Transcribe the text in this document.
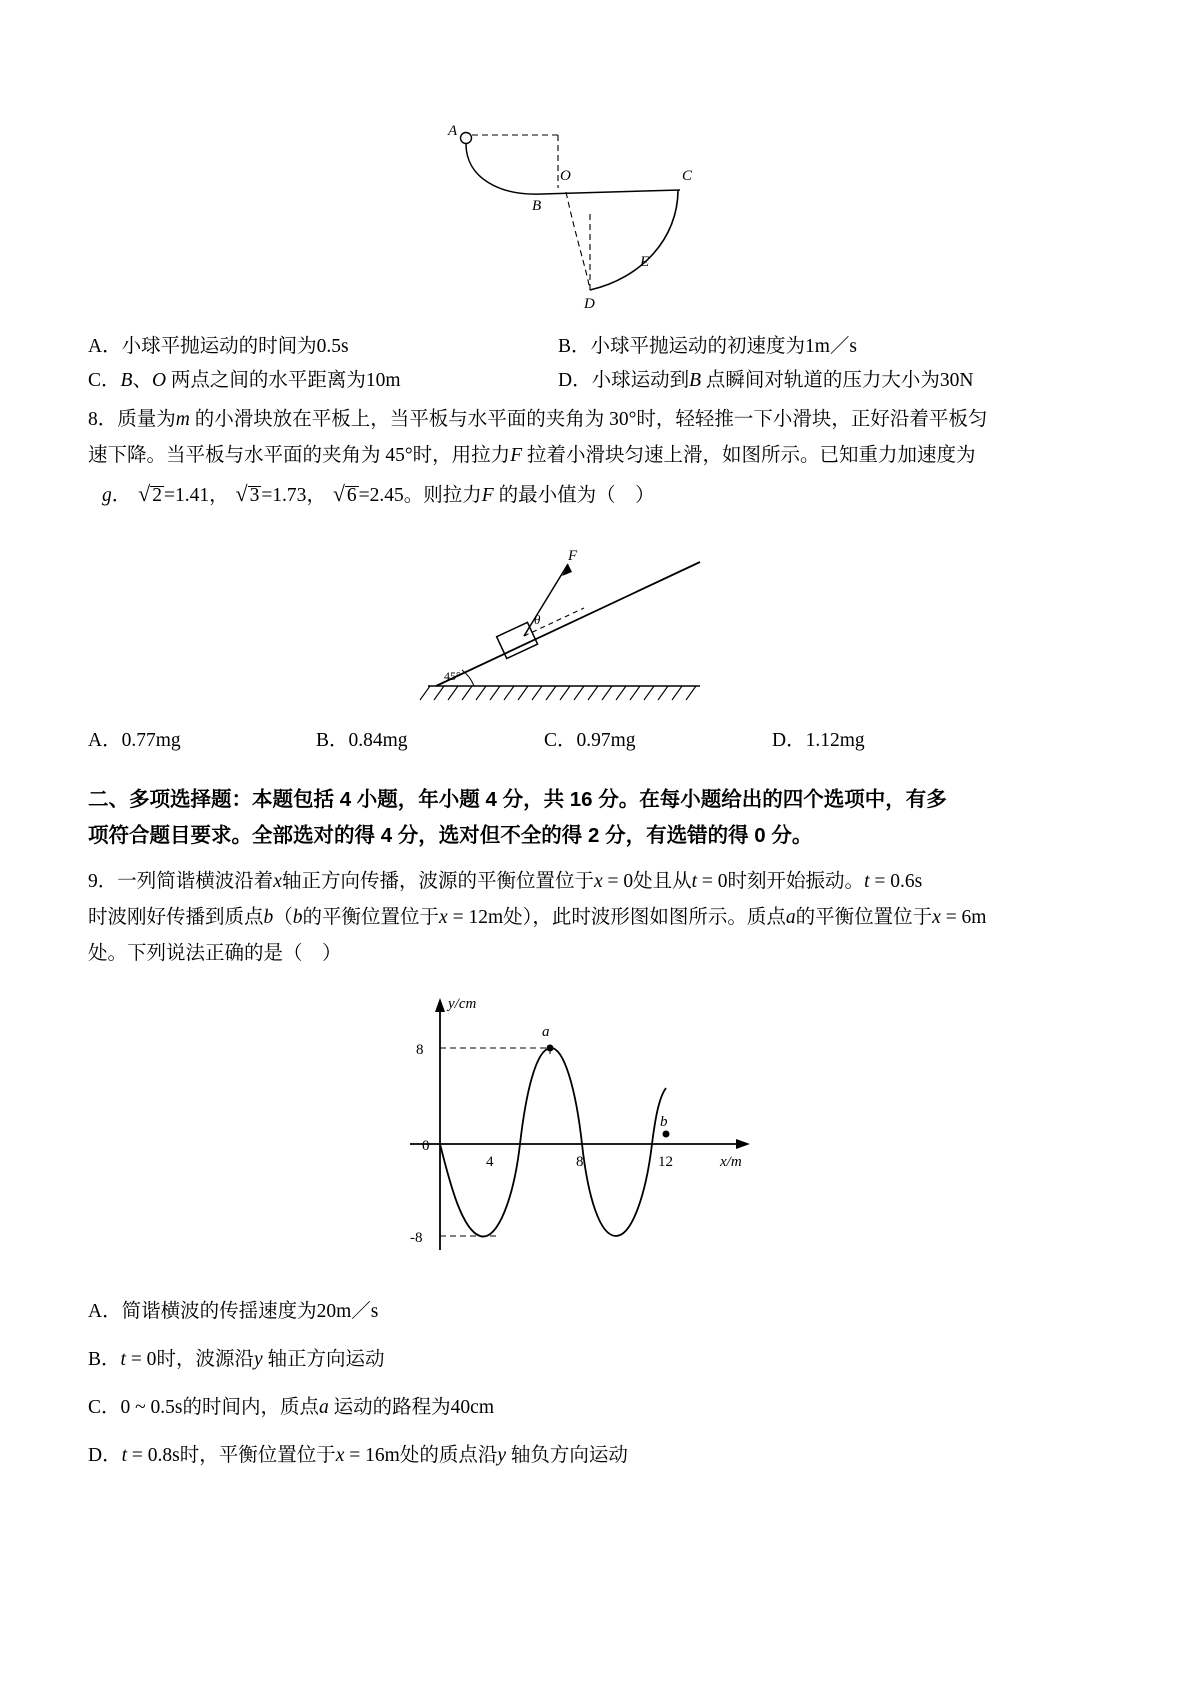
A
B
C
D
E
O
A．小球平抛运动的时间为0.5s	B．小球平抛运动的初速度为1m／s
C．B、O 两点之间的水平距离为10m	D．小球运动到B 点瞬间对轨道的压力大小为30N
8．质量为m 的小滑块放在平板上，当平板与水平面的夹角为 30°时，轻轻推一下小滑块，正好沿着平板匀
速下降。当平板与水平面的夹角为 45°时，用拉力F 拉着小滑块匀速上滑，如图所示。已知重力加速度为
g． √ 2 =1.41， √ 3 =1.73， √ 6 =2.45。则拉力F 的最小值为（ ）
45°
F
θ
A．0.77mg	B．0.84mg	C．0.97mg	D．1.12mg
二、多项选择题：本题包括 4 小题，年小题 4 分，共 16 分。在每小题给出的四个选项中，有多
项符合题目要求。全部选对的得 4 分，选对但不全的得 2 分，有选错的得 0 分。
9．一列简谐横波沿着x轴正方向传播，波源的平衡位置位于x = 0处且从t = 0时刻开始振动。t = 0.6s
时波刚好传播到质点b（b的平衡位置位于x = 12m处），此时波形图如图所示。质点a的平衡位置位于x = 6m
处。下列说法正确的是（ ）
y/cm
x/m
0
8
-8
4	8	12
a
b
A．简谐横波的传揺速度为20m／s
B．t = 0时，波源沿y 轴正方向运动
C．0 ~ 0.5s的时间内，质点a 运动的路程为40cm
D．t = 0.8s时，平衡位置位于x = 16m处的质点沿y 轴负方向运动
